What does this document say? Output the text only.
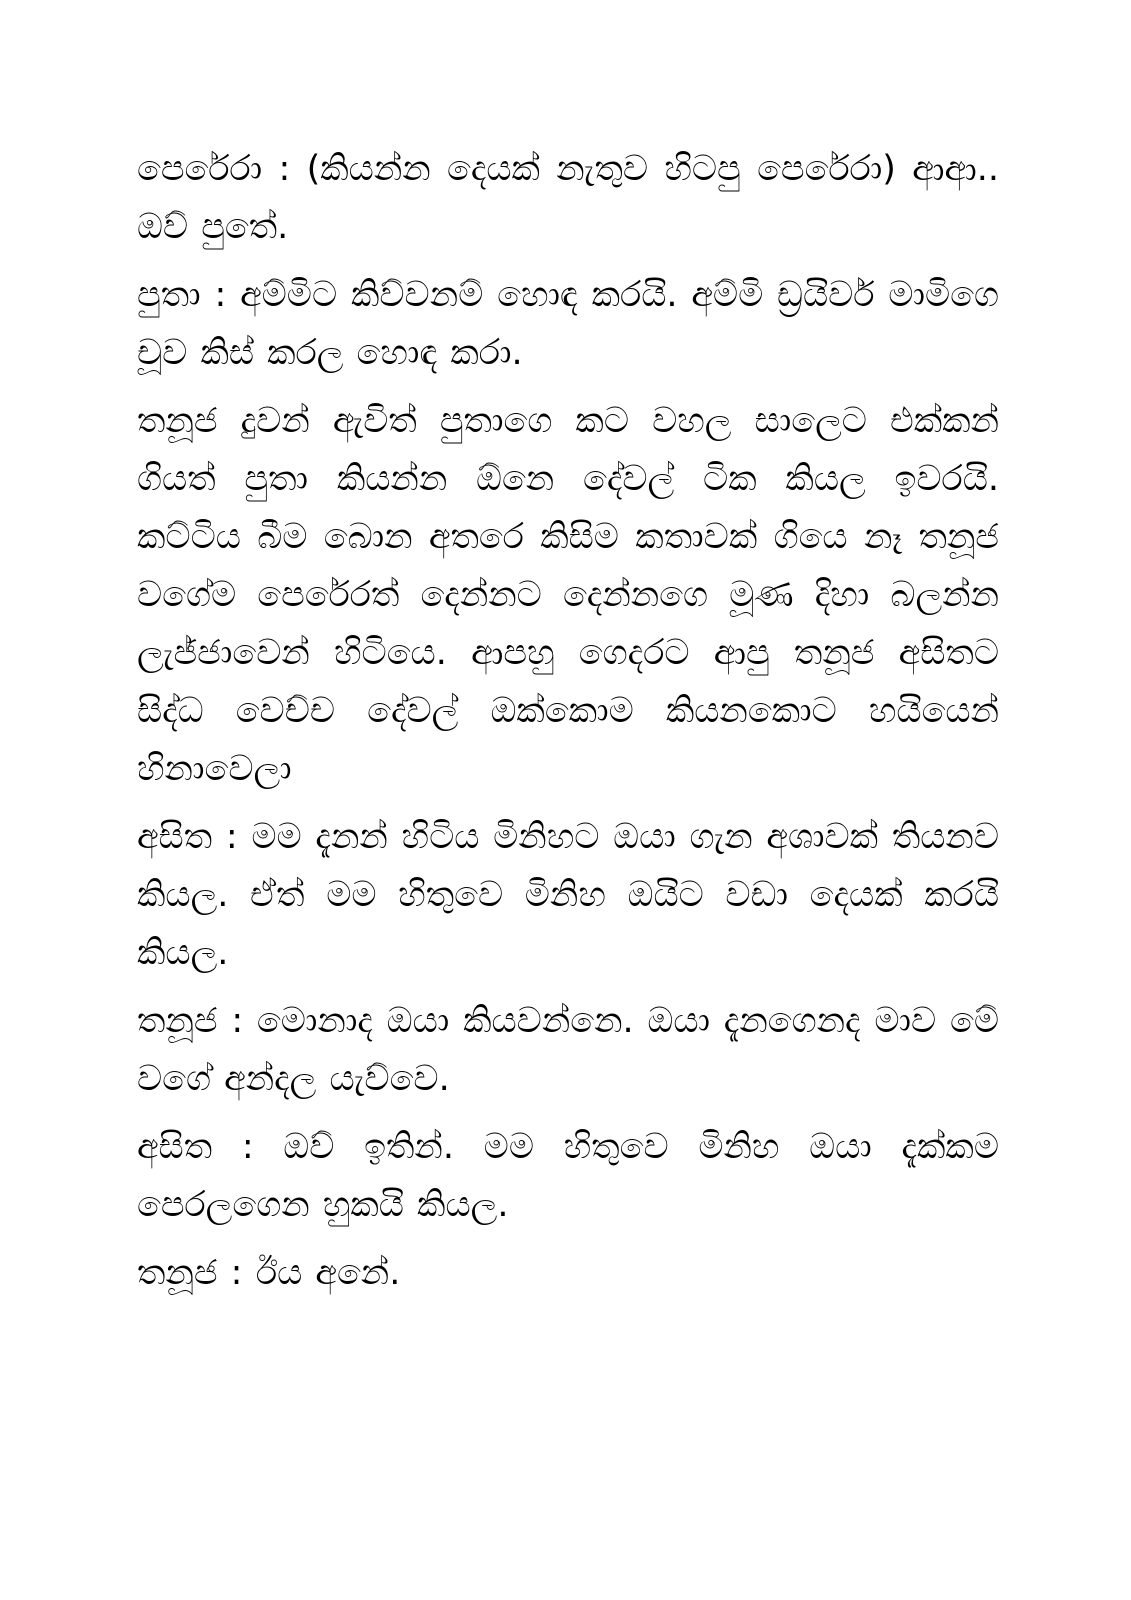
පෙරේරා : (කියන්න දෙයක් නැතුව හිටපු පෙරේරා) ආආ.. ඔව් පුතේ.

පුතා : අම්මිට කිව්වනම් හොඳ කරයි. අම්මි ඩ්‍රයිවර් මාමිගෙ චූව කිස් කරල හොඳ කරා.

තනූජ දුවන් ඇවිත් පුතාගෙ කට වහල සාලෙට එක්කන් ගියත් පුතා කියන්න ඕනෙ දේවල් ටික කියල ඉවරයි. කට්ටිය බීම බොන අතරෙ කිසිම කතාවක් ගියෙ නෑ තනූජ වගේම පෙරේරත් දෙන්නට දෙන්නගෙ මූණ දිහා බලන්න ලැජ්ජාවෙන් හිටියෙ. ආපහු ගෙදරට ආපු තනූජ අසිතට සිද්ධ වෙච්ච දේවල් ඔක්කොම කියනකොට හයියෙන් හිනාවෙලා

අසිත : මම දැනන් හිටිය මිනිහට ඔයා ගැන අශාවක් තියනව කියල. ඒත් මම හිතුවෙ මිනිහ ඔයිට වඩා දෙයක් කරයි කියල.

තනූජ : මොනාද ඔයා කියවන්නෙ. ඔයා දැනගෙනද මාව මේ වගේ අන්දල යැව්වෙ.

අසිත : ඔව් ඉතින්. මම හිතුවෙ මිනිහ ඔයා දැක්කම පෙරලගෙන හුකයි කියල.

තනූජ : ඊය අනේ.
